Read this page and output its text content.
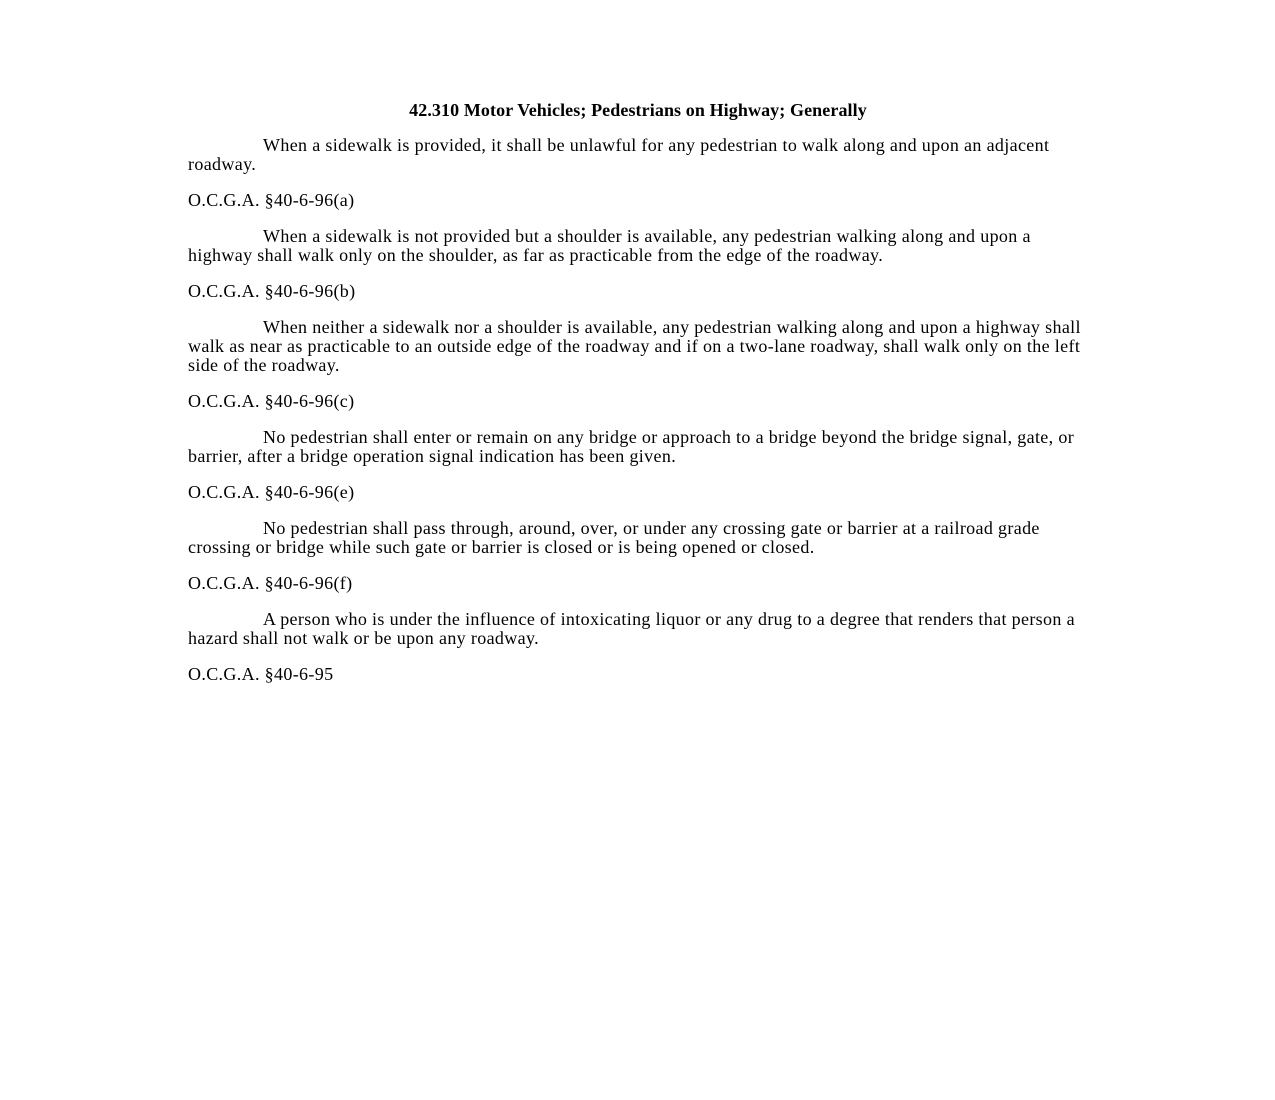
42.310 Motor Vehicles; Pedestrians on Highway; Generally
When a sidewalk is provided, it shall be unlawful for any pedestrian to walk along and upon an adjacent roadway.
O.C.G.A. §40-6-96(a)
When a sidewalk is not provided but a shoulder is available, any pedestrian walking along and upon a highway shall walk only on the shoulder, as far as practicable from the edge of the roadway.
O.C.G.A. §40-6-96(b)
When neither a sidewalk nor a shoulder is available, any pedestrian walking along and upon a highway shall walk as near as practicable to an outside edge of the roadway and if on a two-lane roadway, shall walk only on the left side of the roadway.
O.C.G.A. §40-6-96(c)
No pedestrian shall enter or remain on any bridge or approach to a bridge beyond the bridge signal, gate, or barrier, after a bridge operation signal indication has been given.
O.C.G.A. §40-6-96(e)
No pedestrian shall pass through, around, over, or under any crossing gate or barrier at a railroad grade crossing or bridge while such gate or barrier is closed or is being opened or closed.
O.C.G.A. §40-6-96(f)
A person who is under the influence of intoxicating liquor or any drug to a degree that renders that person a hazard shall not walk or be upon any roadway.
O.C.G.A. §40-6-95
